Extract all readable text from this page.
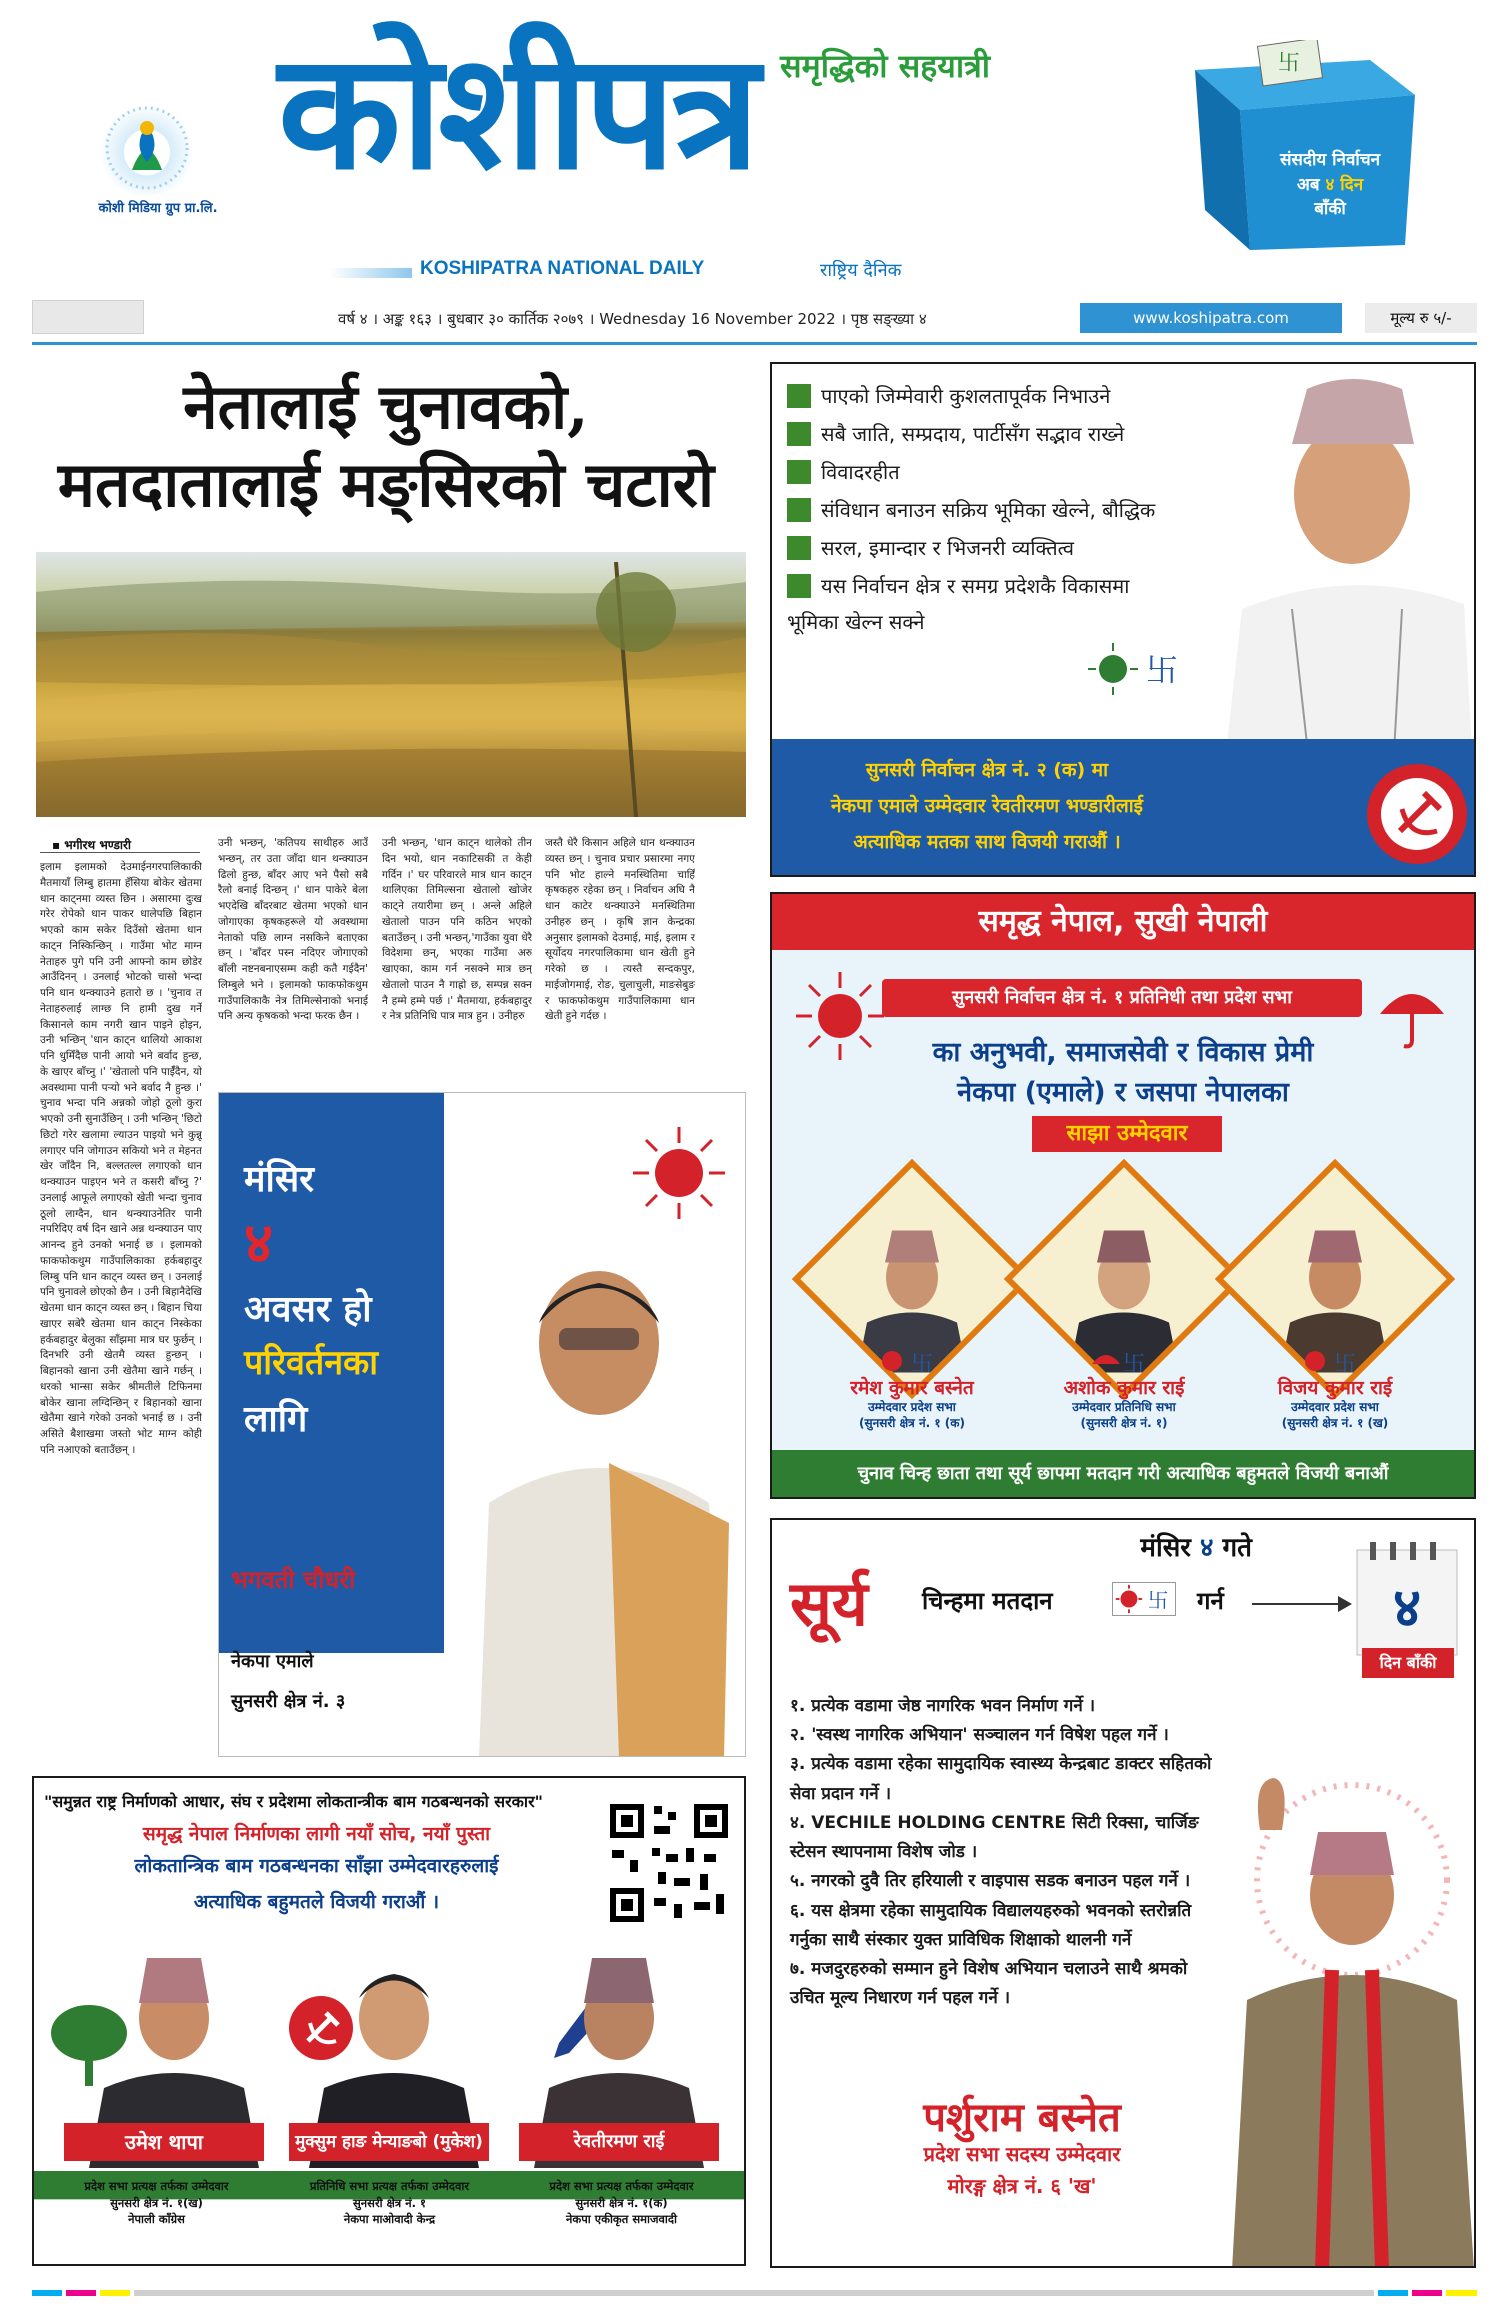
कोशी मिडिया ग्रुप प्रा.लि.
समृद्धिको सहयात्री
कोशीपत्र
KOSHIPATRA NATIONAL DAILY	राष्ट्रिय दैनिक
卐
संसदीय निर्वाचन
अब ४ दिन
बाँकी
वर्ष ४ । अङ्क १६३ । बुधबार ३० कार्तिक २०७९ । Wednesday 16 November 2022 । पृष्ठ सङ्ख्या ४	www.koshipatra.com	मूल्य रु ५/-
नेतालाई चुनावको,
मतदातालाई मङ्सिरको चटारो
▪ भगीरथ भण्डारी
इलाम इलामकाे देउमाईनगरपालिकाकी मैतमायाँ लिम्बु हातमा हँसिया बोकेर खेतमा धान काट्नमा व्यस्त छिन । असारमा दुःख गरेर रोपेको धान पाकर धालेपछि बिहान भएको काम सकेर दिउँसो खेतमा धान काट्न निस्किन्छिन् । गाउँमा भोट माग्न नेताहरु पुगे पनि उनी आफ्नो काम छोडेर आउँदिनन् । उनलाई भोटको चासो भन्दा पनि धान थन्क्याउने हतारो छ । 'चुनाव त नेताहरुलाई लाग्छ नि हामी दुख गर्ने किसानले काम नगरी खान पाइने होइन, उनी भन्छिन् 'धान काट्न थालियो आकाश पनि धुमिँदैछ पानी आयो भने बर्वाद हुन्छ, के खाएर बाँच्नु ।' 'खेतालाे पनि पाईँदैन, यो अवस्थामा पानी पर्‍यो भने बर्वाद नै हुन्छ ।' चुनाव भन्दा पनि अन्नको जोहो ठूलो कुरा भएको उनी सुनाउँछिन् । उनी भन्छिन् 'छिटो छिटो गरेर खलामा ल्याउन पाइयो भने कुन्नू लगाएर पनि जोगाउन सकियो भने त मेहनत खेर जाँदैन नि, बल्लतल्ल लगाएको धान थन्क्याउन पाइएन भने त कसरी बाँच्नु ?' उनलाई आफूले लगाएको खेती भन्दा चुनाव ठूलो लाग्दैन, धान थन्क्याउनेतिर पानी नपरिदिए वर्ष दिन खाने अन्न थन्क्याउन पाए आनन्द हुने उनको भनाई छ । इलामको फाकफोकथुम गाउँपालिकाका हर्कबहादुर लिम्बु पनि धान काट्न व्यस्त छन् । उनलाई पनि चुनावले छोएको छैन । उनी बिहानैदेखि खेतमा धान काट्न व्यस्त छन् । बिहान चिया खाएर सबेरै खेतमा धान काट्न निस्केका हर्कबहादुर बेलुका साँझमा मात्र घर फुर्छन् । दिनभरि उनी खेतमै व्यस्त हुन्छन् । बिहानको खाना उनी खेतैमा खाने गर्छन् । धरको भान्सा सकेर श्रीमतीले टिफिनमा बोकेर खाना लग्दिन्छिन् र बिहानको खाना खेतैमा खाने गरेको उनको भनाई छ । उनी असिते बैशाखमा जस्तो भोट माग्न कोही पनि नआएको बताउँछन् ।
उनी भन्छन्, 'कतिपय साथीहरु आउँ भन्छन्, तर उता जाँदा धान थन्क्याउन ढिलो हुन्छ, बाँदर आए भने पैसो सबै रैलो बनाई दिन्छन् ।' धान पाकेरे बेला भएदेखि बाँदरबाट खेतमा भएको धान जोगाएका कृषकहरूले यो अवस्थामा नेताको पछि लाग्न नसकिने बताएका छन् । 'बाँदर पस्न नदिएर जोगाएको बाँली नष्टनबनाएसम्म कही कतै गईदैन' लिम्बुले भने । इलामको फाकफोकथुम गाउँपालिकाकै नेत्र तिमिल्सेनाको भनाई पनि अन्य कृषकको भन्दा फरक छैन ।
उनी भन्छन्, 'धान काट्न थालेको तीन दिन भयो, धान नकाटिसकी त केही गर्दिन ।' घर परिवारले मात्र धान काट्न थालिएका तिमिल्सना खेतालो खोजेर काट्ने तयारीमा छन् । अन्ले अहिले खेतालो पाउन पनि कठिन भएको बताउँछन् । उनी भन्छन्,'गाउँका युवा धेरै विदेशमा छन्, भएका गाउँमा अरु खाएका, काम गर्न नसक्ने मात्र छन् खेतालो पाउन नै गाह्रो छ, सम्पन्न सक्न नै हम्मे हम्मे पर्छ ।' मैतमाया, हर्कबहादुर र नेत्र प्रतिनिधि पात्र मात्र हुन । उनीहरु
जस्तै धेरै किसान अहिले धान थन्क्याउन व्यस्त छन् । चुनाव प्रचार प्रसारमा नगए पनि भोट हाल्ने मनस्थितिमा चाहिँ कृषकहरु रहेका छन् । निर्वाचन अघि नै धान काटेर थन्क्याउने मनस्थितिमा उनीहरु छन् । कृषि ज्ञान केन्द्रका अनुसार इलामको देउमाई, माई, इलाम र सूर्योदय नगरपालिकामा धान खेती हुने गरेको छ । त्यस्तै सन्दकपुर, माईजोगमाई, रोङ, चुलाचुली, माङसेबुङ र फाकफोकथुम गाउँपालिकामा धान खेती हुने गर्दछ ।
मंसिर
४
अवसर हो
परिवर्तनका
लागि
भगवती चौधरी
प्रतिनिधिसभा उम्मेदवार
नेकपा एमाले
सुनसरी क्षेत्र नं. ३
पाएको जिम्मेवारी कुशलतापूर्वक निभाउने
सबै जाति, सम्प्रदाय, पार्टीसँग सद्भाव राख्ने
विवादरहीत
संविधान बनाउन सक्रिय भूमिका खेल्ने, बौद्धिक
सरल, इमान्दार र भिजनरी व्यक्तित्व
यस निर्वाचन क्षेत्र र समग्र प्रदेशकै विकासमा
भूमिका खेल्न सक्ने
卐
सुनसरी निर्वाचन क्षेत्र नं. २ (क) मा
नेकपा एमाले उम्मेदवार रेवतीरमण भण्डारीलाई
अत्याधिक मतका साथ विजयी गराऔं ।
समृद्ध नेपाल, सुखी नेपाली
सुनसरी निर्वाचन क्षेत्र नं. १ प्रतिनिधी तथा प्रदेश सभा
का अनुभवी, समाजसेवी र विकास प्रेमी
नेकपा (एमाले) र जसपा नेपालका
साझा उम्मेदवार
卐	卐	卐
रमेश कुमार बस्नेत	अशोक कुमार राई	विजय कुमार राई
उम्मेदवार प्रदेश सभा
(सुनसरी क्षेत्र नं. १ (क)
उम्मेदवार प्रतिनिधि सभा
(सुनसरी क्षेत्र नं. १)
उम्मेदवार प्रदेश सभा
(सुनसरी क्षेत्र नं. १ (ख)
चुनाव चिन्ह छाता तथा सूर्य छापमा मतदान गरी अत्याधिक बहुमतले विजयी बनाऔं
"समुन्नत राष्ट्र निर्माणको आधार, संघ र प्रदेशमा लोकतान्त्रीक बाम गठबन्धनको सरकार"
समृद्ध नेपाल निर्माणका लागी नयाँ सोच, नयाँ पुस्ता
लोकतान्त्रिक बाम गठबन्धनका साँझा उम्मेदवारहरुलाई
अत्याधिक बहुमतले विजयी गराऔं ।
उमेश थापा	मुक्सुम हाङ मेन्याङबो (मुकेश)	रेवतीरमण राई
प्रदेश सभा प्रत्यक्ष तर्फका उम्मेदवार
सुनसरी क्षेत्र नं. १(ख)
नेपाली काँग्रेस
प्रतिनिधि सभा प्रत्यक्ष तर्फका उम्मेदवार
सुनसरी क्षेत्र नं. १
नेकपा माओवादी केन्द्र
प्रदेश सभा प्रत्यक्ष तर्फका उम्मेदवार
सुनसरी क्षेत्र नं. १(क)
नेकपा एकीकृत समाजवादी
मंसिर ४ गते
सूर्य चिन्हमा मतदान	卐 गर्न	४
दिन बाँकी
१. प्रत्येक वडामा जेष्ठ नागरिक भवन निर्माण गर्ने ।
२. 'स्वस्थ नागरिक अभियान' सञ्चालन गर्न विषेश पहल गर्ने ।
३. प्रत्येक वडामा रहेका सामुदायिक स्वास्थ्य केन्द्रबाट डाक्टर सहितको सेवा प्रदान गर्ने ।
४. VECHILE HOLDING CENTRE सिटी रिक्सा, चार्जिङ स्टेसन स्थापनामा विशेष जोड ।
५. नगरको दुवै तिर हरियाली र वाइपास सडक बनाउन पहल गर्ने ।
६. यस क्षेत्रमा रहेका सामुदायिक विद्यालयहरुको भवनको स्तरोन्नति गर्नुका साथै संस्कार युक्त प्राविधिक शिक्षाको थालनी गर्ने
७. मजदुरहरुको सम्मान हुने विशेष अभियान चलाउने साथै श्रमको उचित मूल्य निधारण गर्न पहल गर्ने ।
पर्शुराम बस्नेत
प्रदेश सभा सदस्य उम्मेदवार
मोरङ्ग क्षेत्र नं. ६ 'ख'
